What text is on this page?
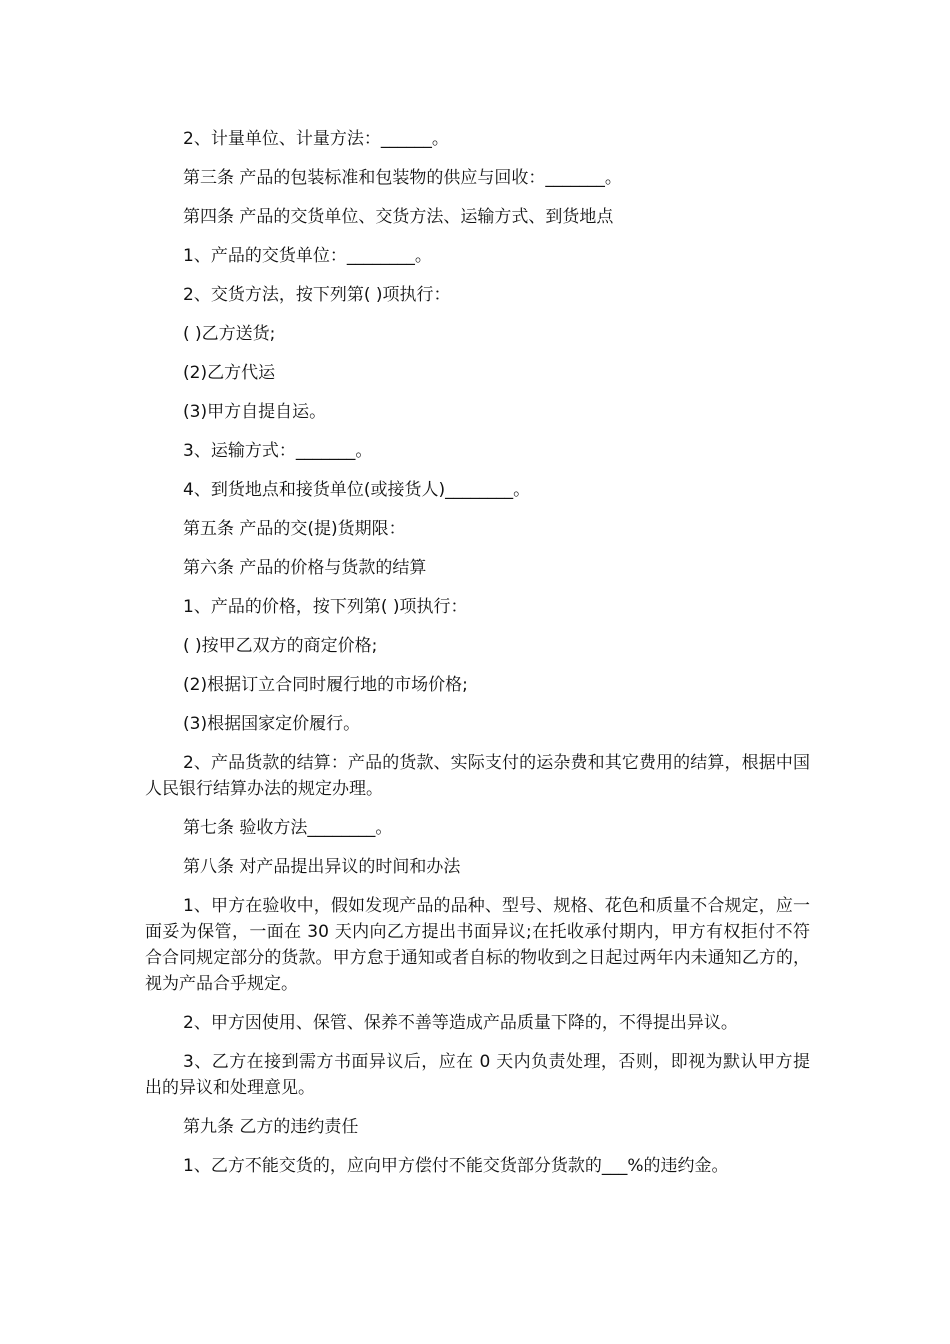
2、计量单位、计量方法：______。

第三条 产品的包装标准和包装物的供应与回收：_______。

第四条 产品的交货单位、交货方法、运输方式、到货地点

1、产品的交货单位：________。

2、交货方法，按下列第( )项执行：

( )乙方送货;

(2)乙方代运

(3)甲方自提自运。

3、运输方式：_______。

4、到货地点和接货单位(或接货人)________。

第五条 产品的交(提)货期限：

第六条 产品的价格与货款的结算

1、产品的价格，按下列第( )项执行：

( )按甲乙双方的商定价格;

(2)根据订立合同时履行地的市场价格;

(3)根据国家定价履行。

2、产品货款的结算：产品的货款、实际支付的运杂费和其它费用的结算，根据中国人民银行结算办法的规定办理。

第七条 验收方法________。

第八条 对产品提出异议的时间和办法

1、甲方在验收中，假如发现产品的品种、型号、规格、花色和质量不合规定，应一面妥为保管，一面在 30 天内向乙方提出书面异议;在托收承付期内，甲方有权拒付不符合合同规定部分的货款。甲方怠于通知或者自标的物收到之日起过两年内未通知乙方的，视为产品合乎规定。

2、甲方因使用、保管、保养不善等造成产品质量下降的，不得提出异议。

3、乙方在接到需方书面异议后，应在 0 天内负责处理，否则，即视为默认甲方提出的异议和处理意见。

第九条 乙方的违约责任

1、乙方不能交货的，应向甲方偿付不能交货部分货款的___%的违约金。
